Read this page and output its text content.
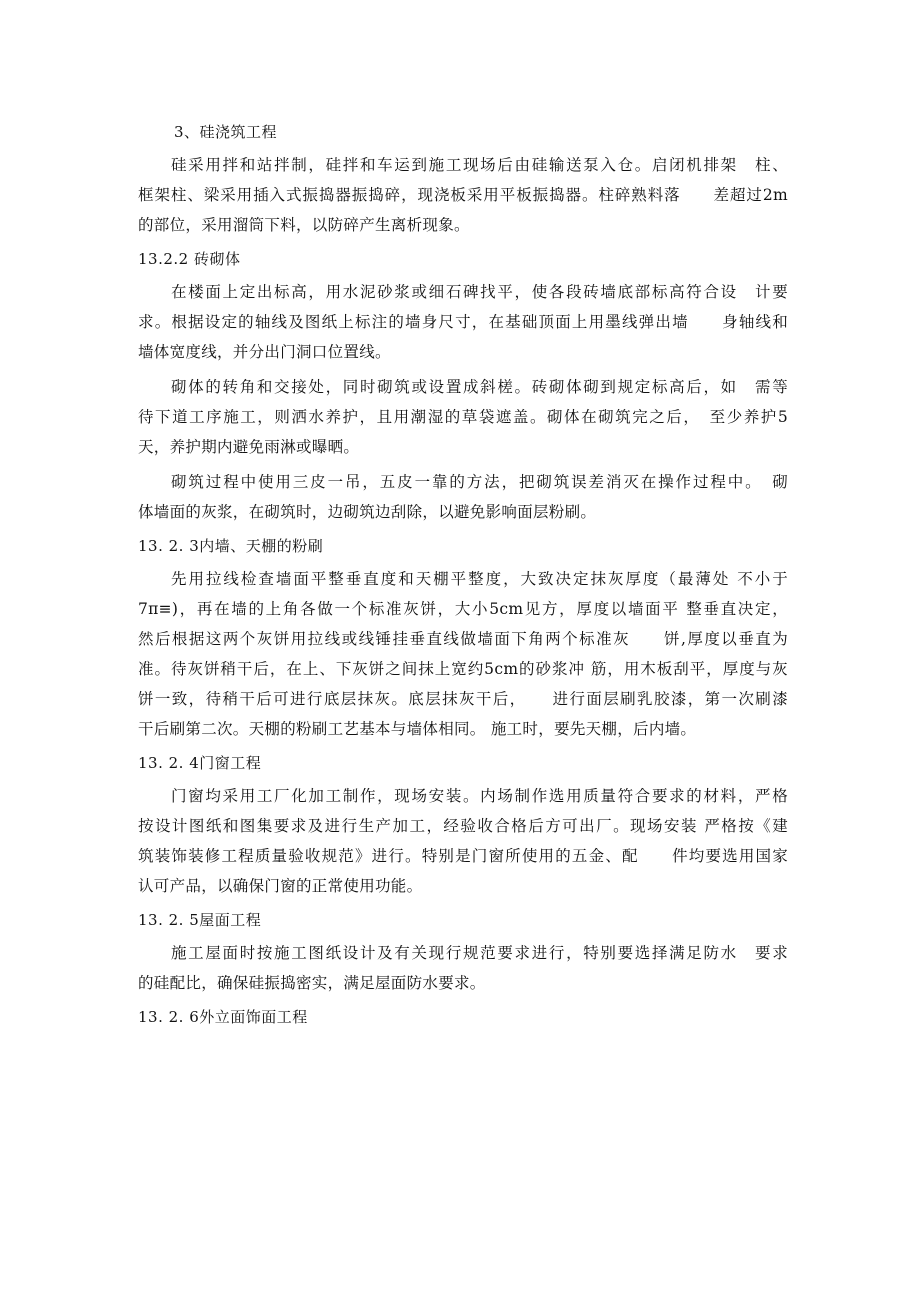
3、硅浇筑工程
硅采用拌和站拌制，硅拌和车运到施工现场后由硅输送泵入仓。启闭机排架　柱、
框架柱、梁采用插入式振捣器振捣碎，现浇板采用平板振捣器。柱碎熟料落　　差超过2m
的部位，采用溜筒下料，以防碎产生离析现象。
13.2.2 砖砌体
在楼面上定出标高，用水泥砂浆或细石碑找平，使各段砖墙底部标高符合设　计要
求。根据设定的轴线及图纸上标注的墙身尺寸，在基础顶面上用墨线弹出墙　　身轴线和
墙体宽度线，并分出门洞口位置线。
砌体的转角和交接处，同时砌筑或设置成斜槎。砖砌体砌到规定标高后，如　需等
待下道工序施工，则洒水养护，且用潮湿的草袋遮盖。砌体在砌筑完之后，　至少养护5
天，养护期内避免雨淋或曝晒。
砌筑过程中使用三皮一吊，五皮一靠的方法，把砌筑误差消灭在操作过程中。　砌
体墙面的灰浆，在砌筑时，边砌筑边刮除，以避免影响面层粉刷。
13. 2. 3内墙、天棚的粉刷
先用拉线检查墙面平整垂直度和天棚平整度，大致决定抹灰厚度（最薄处 不小于
7π≡)，再在墙的上角各做一个标准灰饼，大小5cm见方，厚度以墙面平 整垂直决定，
然后根据这两个灰饼用拉线或线锤挂垂直线做墙面下角两个标准灰　　饼,厚度以垂直为
准。待灰饼稍干后，在上、下灰饼之间抹上宽约5cm的砂浆冲 筋，用木板刮平，厚度与灰
饼一致，待稍干后可进行底层抹灰。底层抹灰干后，　　进行面层刷乳胶漆，第一次刷漆
干后刷第二次。天棚的粉刷工艺基本与墙体相同。 施工时，要先天棚，后内墙。
13. 2. 4门窗工程
门窗均采用工厂化加工制作，现场安装。内场制作选用质量符合要求的材料，严格
按设计图纸和图集要求及进行生产加工，经验收合格后方可出厂。现场安装 严格按《建
筑装饰装修工程质量验收规范》进行。特别是门窗所使用的五金、配　　件均要选用国家
认可产品，以确保门窗的正常使用功能。
13. 2. 5屋面工程
施工屋面时按施工图纸设计及有关现行规范要求进行，特别要选择满足防水　要求
的硅配比，确保硅振捣密实，满足屋面防水要求。
13. 2. 6外立面饰面工程
